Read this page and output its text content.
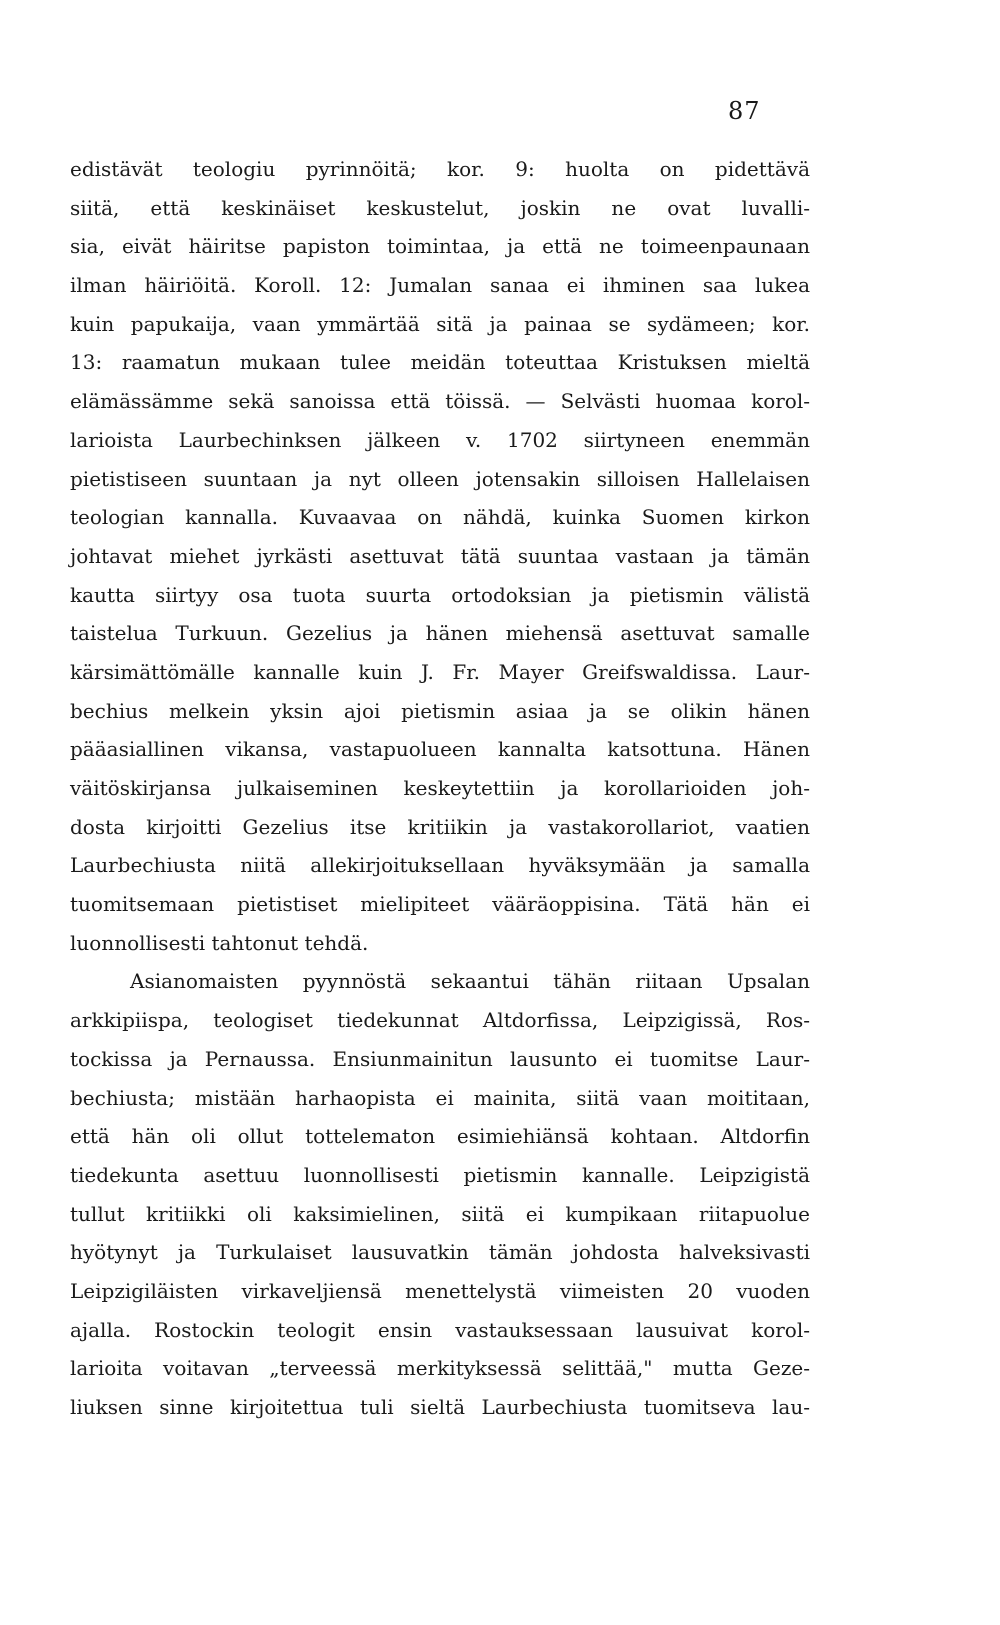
87
edistävät teologiu pyrinnöitä; kor. 9: huolta on pidettävä
siitä, että keskinäiset keskustelut, joskin ne ovat luvalli-
sia, eivät häiritse papiston toimintaa, ja että ne toimeenpaunaan
ilman häiriöitä. Koroll. 12: Jumalan sanaa ei ihminen saa lukea
kuin papukaija, vaan ymmärtää sitä ja painaa se sydämeen; kor.
13: raamatun mukaan tulee meidän toteuttaa Kristuksen mieltä
elämässämme sekä sanoissa että töissä. — Selvästi huomaa korol-
larioista Laurbechinksen jälkeen v. 1702 siirtyneen enemmän
pietistiseen suuntaan ja nyt olleen jotensakin silloisen Hallelaisen
teologian kannalla. Kuvaavaa on nähdä, kuinka Suomen kirkon
johtavat miehet jyrkästi asettuvat tätä suuntaa vastaan ja tämän
kautta siirtyy osa tuota suurta ortodoksian ja pietismin välistä
taistelua Turkuun. Gezelius ja hänen miehensä asettuvat samalle
kärsimättömälle kannalle kuin J. Fr. Mayer Greifswaldissa. Laur-
bechius melkein yksin ajoi pietismin asiaa ja se olikin hänen
pääasiallinen vikansa, vastapuolueen kannalta katsottuna. Hänen
väitöskirjansa julkaiseminen keskeytettiin ja korollarioiden joh-
dosta kirjoitti Gezelius itse kritiikin ja vastakorollariot, vaatien
Laurbechiusta niitä allekirjoituksellaan hyväksymään ja samalla
tuomitsemaan pietistiset mielipiteet vääräoppisina. Tätä hän ei
luonnollisesti tahtonut tehdä.
Asianomaisten pyynnöstä sekaantui tähän riitaan Upsalan
arkkipiispa, teologiset tiedekunnat Altdorfissa, Leipzigissä, Ros-
tockissa ja Pernaussa. Ensiunmainitun lausunto ei tuomitse Laur-
bechiusta; mistään harhaopista ei mainita, siitä vaan moititaan,
että hän oli ollut tottelematon esimiehiänsä kohtaan. Altdorfin
tiedekunta asettuu luonnollisesti pietismin kannalle. Leipzigistä
tullut kritiikki oli kaksimielinen, siitä ei kumpikaan riitapuolue
hyötynyt ja Turkulaiset lausuvatkin tämän johdosta halveksivasti
Leipzigiläisten virkaveljiensä menettelystä viimeisten 20 vuoden
ajalla. Rostockin teologit ensin vastauksessaan lausuivat korol-
larioita voitavan „terveessä merkityksessä selittää," mutta Geze-
liuksen sinne kirjoitettua tuli sieltä Laurbechiusta tuomitseva lau-
